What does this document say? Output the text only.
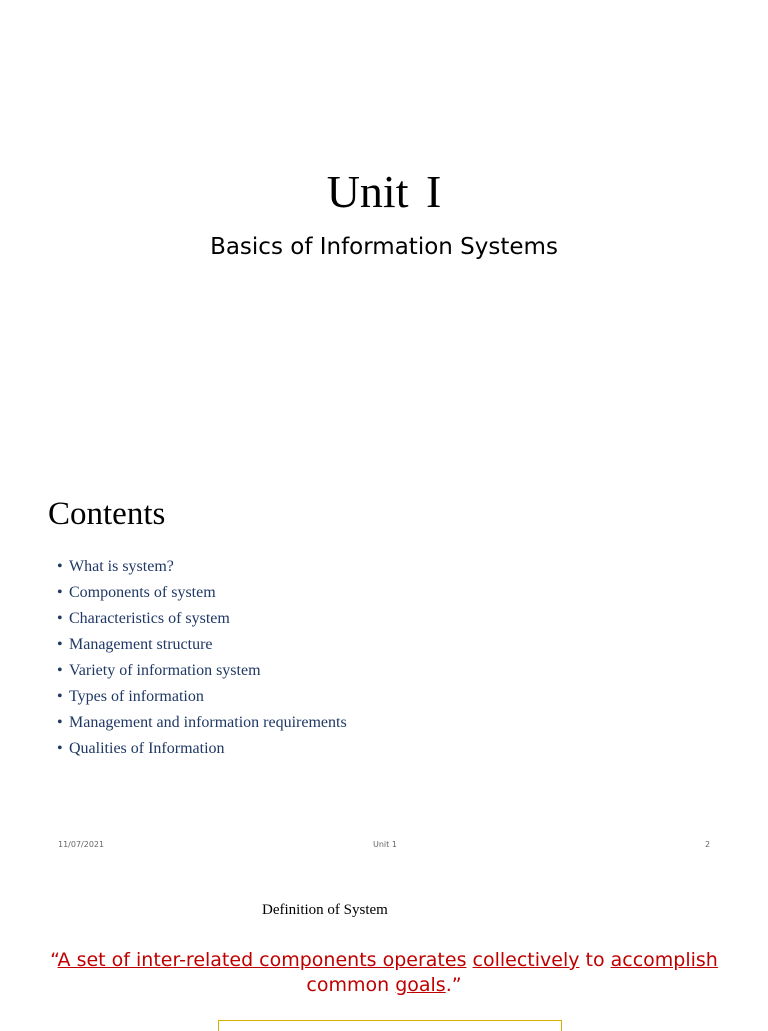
Unit I
Basics of Information Systems
Contents
• What is system?
• Components of system
• Characteristics of system
• Management structure
• Variety of information system
• Types of information
• Management and information requirements
• Qualities of Information
11/07/2021	Unit 1	2
Definition of System
“A set of inter-related components operates collectively to accomplish
common goals.”
